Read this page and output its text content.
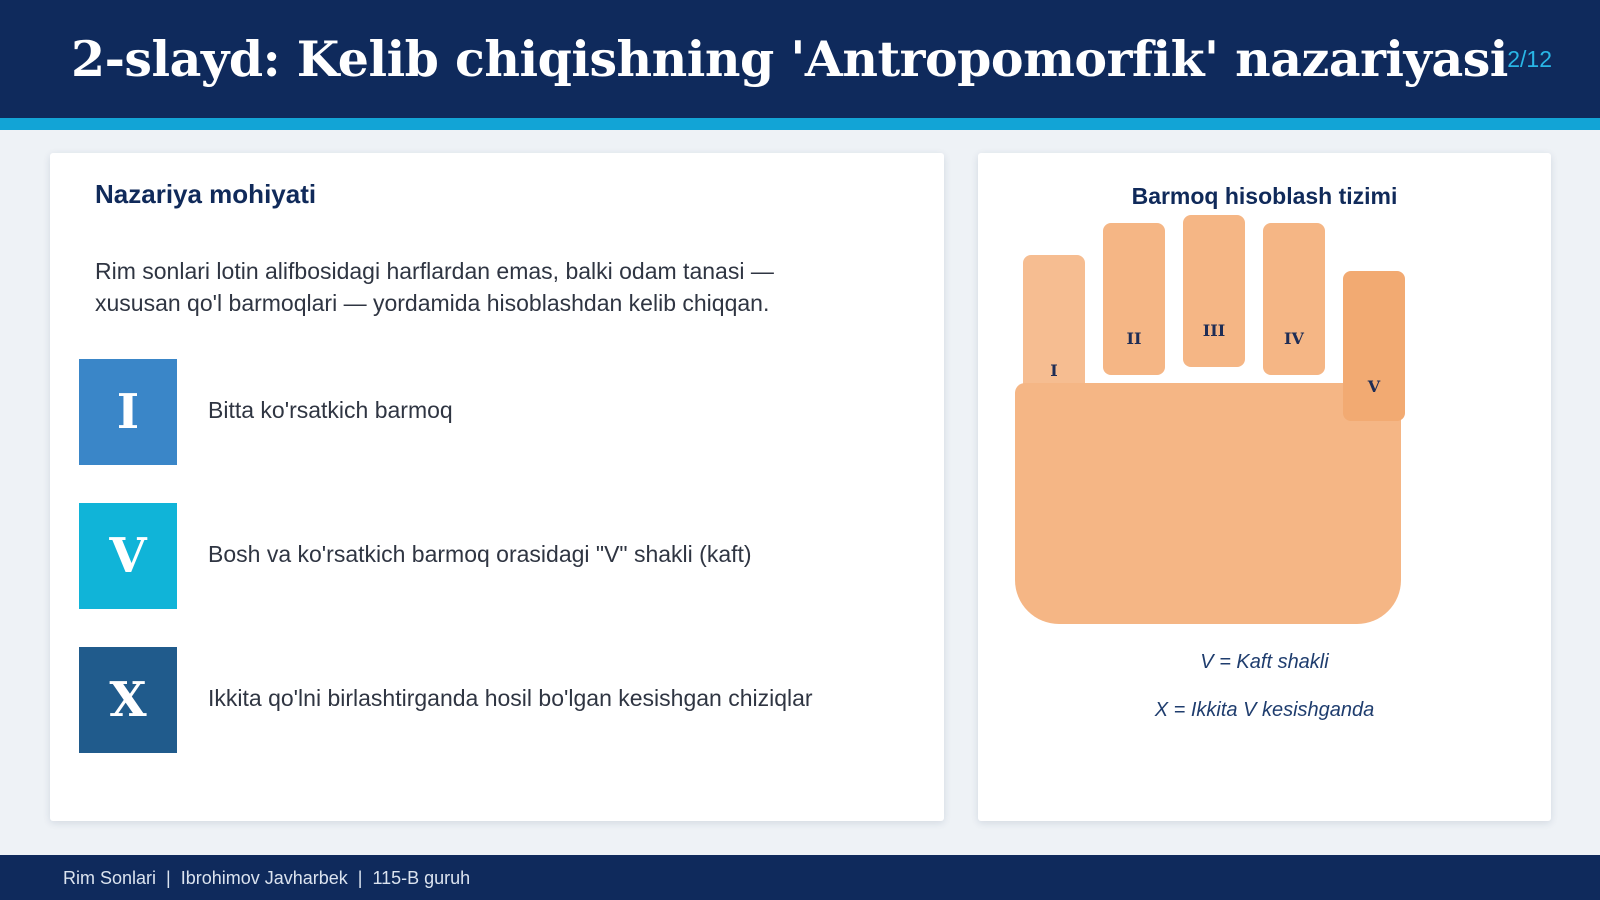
2-slayd: Kelib chiqishning 'Antropomorfik' nazariyasi 2/12
Nazariya mohiyati
Rim sonlari lotin alifbosidagi harflardan emas, balki odam tanasi — xususan qo'l barmoqlari — yordamida hisoblashdan kelib chiqqan.
I	Bitta ko'rsatkich barmoq
V	Bosh va ko'rsatkich barmoq orasidagi "V" shakli (kaft)
X	Ikkita qo'lni birlashtirganda hosil bo'lgan kesishgan chiziqlar
Barmoq hisoblash tizimi
I
II	III	IV
V
V = Kaft shakli
X = Ikkita V kesishganda
Rim Sonlari  |  Ibrohimov Javharbek  |  115-B guruh
